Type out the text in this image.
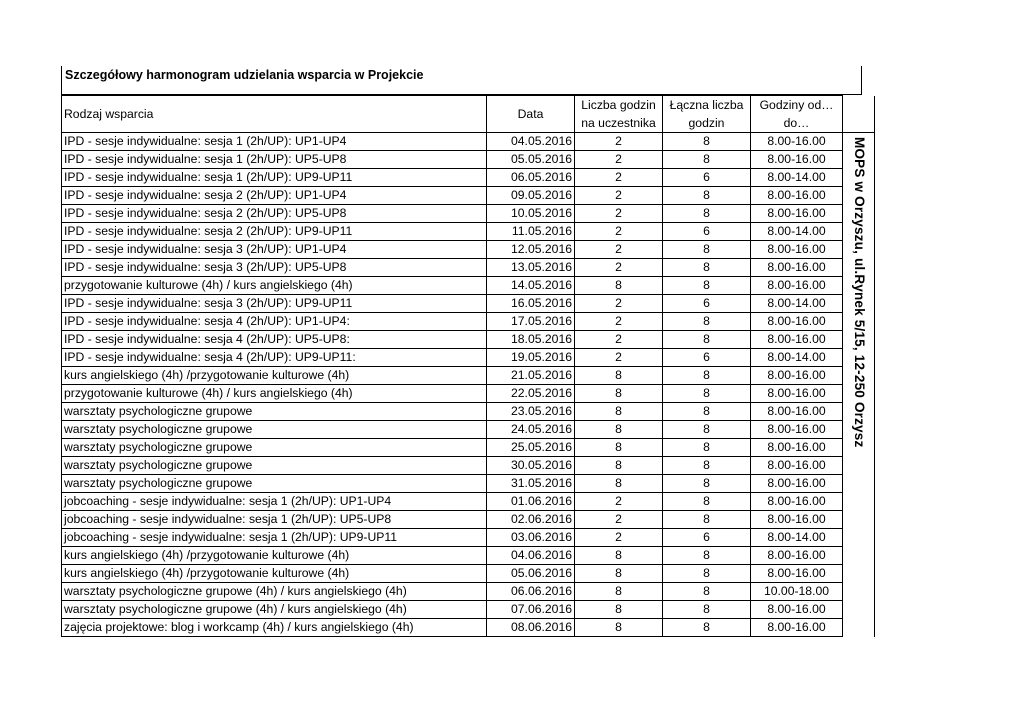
Szczegółowy harmonogram udzielania wsparcia w Projekcie
Rodzaj wsparcia	Data	Liczba godzin na uczestnika	Łączna liczba godzin	Godziny od… do…	
IPD - sesje indywidualne: sesja 1 (2h/UP): UP1-UP4	04.05.2016	2	8	8.00-16.00	MOPS w Orzyszu, ul.Rynek 5/15, 12-250 Orzysz

IPD - sesje indywidualne: sesja 1 (2h/UP): UP5-UP8	05.05.2016	2	8	8.00-16.00	
IPD - sesje indywidualne: sesja 1 (2h/UP): UP9-UP11	06.05.2016	2	6	8.00-14.00	
IPD - sesje indywidualne: sesja 2 (2h/UP): UP1-UP4	09.05.2016	2	8	8.00-16.00	
IPD - sesje indywidualne: sesja 2 (2h/UP): UP5-UP8	10.05.2016	2	8	8.00-16.00	
IPD - sesje indywidualne: sesja 2 (2h/UP): UP9-UP11	11.05.2016	2	6	8.00-14.00	
IPD - sesje indywidualne: sesja 3 (2h/UP): UP1-UP4	12.05.2016	2	8	8.00-16.00	
IPD - sesje indywidualne: sesja 3 (2h/UP): UP5-UP8	13.05.2016	2	8	8.00-16.00	
przygotowanie kulturowe (4h) / kurs angielskiego (4h)	14.05.2016	8	8	8.00-16.00	
IPD - sesje indywidualne: sesja 3 (2h/UP): UP9-UP11	16.05.2016	2	6	8.00-14.00	
IPD - sesje indywidualne: sesja 4 (2h/UP): UP1-UP4:	17.05.2016	2	8	8.00-16.00	
IPD - sesje indywidualne: sesja 4 (2h/UP): UP5-UP8:	18.05.2016	2	8	8.00-16.00	
IPD - sesje indywidualne: sesja 4 (2h/UP): UP9-UP11:	19.05.2016	2	6	8.00-14.00	
kurs angielskiego (4h) /przygotowanie kulturowe (4h)	21.05.2016	8	8	8.00-16.00	
przygotowanie kulturowe (4h) / kurs angielskiego (4h)	22.05.2016	8	8	8.00-16.00	
warsztaty psychologiczne grupowe	23.05.2016	8	8	8.00-16.00	
warsztaty psychologiczne grupowe	24.05.2016	8	8	8.00-16.00	
warsztaty psychologiczne grupowe	25.05.2016	8	8	8.00-16.00	
warsztaty psychologiczne grupowe	30.05.2016	8	8	8.00-16.00	
warsztaty psychologiczne grupowe	31.05.2016	8	8	8.00-16.00	
jobcoaching - sesje indywidualne: sesja 1 (2h/UP): UP1-UP4	01.06.2016	2	8	8.00-16.00	
jobcoaching - sesje indywidualne: sesja 1 (2h/UP): UP5-UP8	02.06.2016	2	8	8.00-16.00	
jobcoaching - sesje indywidualne: sesja 1 (2h/UP): UP9-UP11	03.06.2016	2	6	8.00-14.00	
kurs angielskiego (4h) /przygotowanie kulturowe (4h)	04.06.2016	8	8	8.00-16.00	
kurs angielskiego (4h) /przygotowanie kulturowe (4h)	05.06.2016	8	8	8.00-16.00	
warsztaty psychologiczne grupowe (4h) / kurs angielskiego (4h)	06.06.2016	8	8	10.00-18.00	
warsztaty psychologiczne grupowe (4h) / kurs angielskiego (4h)	07.06.2016	8	8	8.00-16.00	
zajęcia projektowe: blog i workcamp (4h) / kurs angielskiego (4h)	08.06.2016	8	8	8.00-16.00	
